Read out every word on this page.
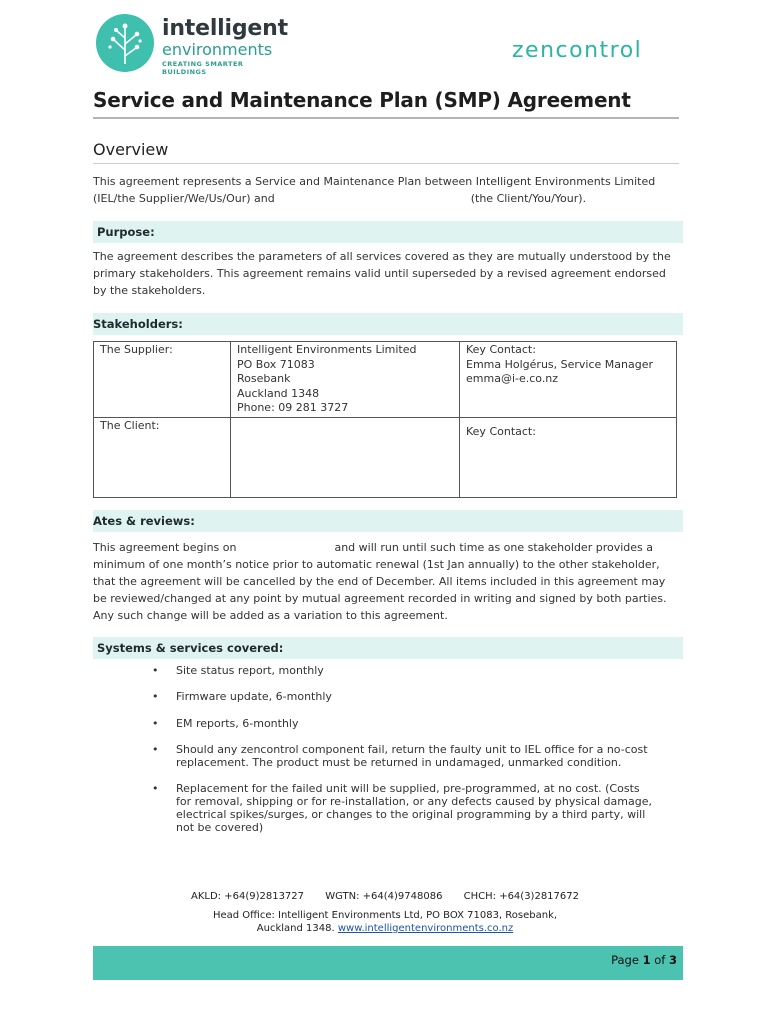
intelligent
environments
CREATING SMARTER BUILDINGS
zencontrol
Service and Maintenance Plan (SMP) Agreement
Overview
This agreement represents a Service and Maintenance Plan between Intelligent Environments Limited
(IEL/the Supplier/We/Us/Our) and	(the Client/You/Your).
Purpose:
The agreement describes the parameters of all services covered as they are mutually understood by the primary stakeholders. This agreement remains valid until superseded by a revised agreement endorsed by the stakeholders.
Stakeholders:
The Supplier:	Intelligent Environments Limited
PO Box 71083
Rosebank
Auckland 1348
Phone: 09 281 3727	Key Contact:
Emma Holgérus, Service Manager
emma@i-e.co.nz

The Client:		Key Contact:
Ates & reviews:
This agreement begins on	and will run until such time as one stakeholder provides a minimum of one month’s notice prior to automatic renewal (1st Jan annually) to the other stakeholder, that the agreement will be cancelled by the end of December. All items included in this agreement may be reviewed/changed at any point by mutual agreement recorded in writing and signed by both parties. Any such change will be added as a variation to this agreement.
Systems & services covered:
• Site status report, monthly
• Firmware update, 6-monthly
• EM reports, 6-monthly
• Should any zencontrol component fail, return the faulty unit to IEL office for a no-cost replacement. The product must be returned in undamaged, unmarked condition.
• Replacement for the failed unit will be supplied, pre-programmed, at no cost. (Costs for removal, shipping or for re-installation, or any defects caused by physical damage, electrical spikes/surges, or changes to the original programming by a third party, will not be covered)
AKLD: +64(9)2813727 WGTN: +64(4)9748086 CHCH: +64(3)2817672
Head Office: Intelligent Environments Ltd, PO BOX 71083, Rosebank,
Auckland 1348. www.intelligentenvironments.co.nz
Page 1 of 3
